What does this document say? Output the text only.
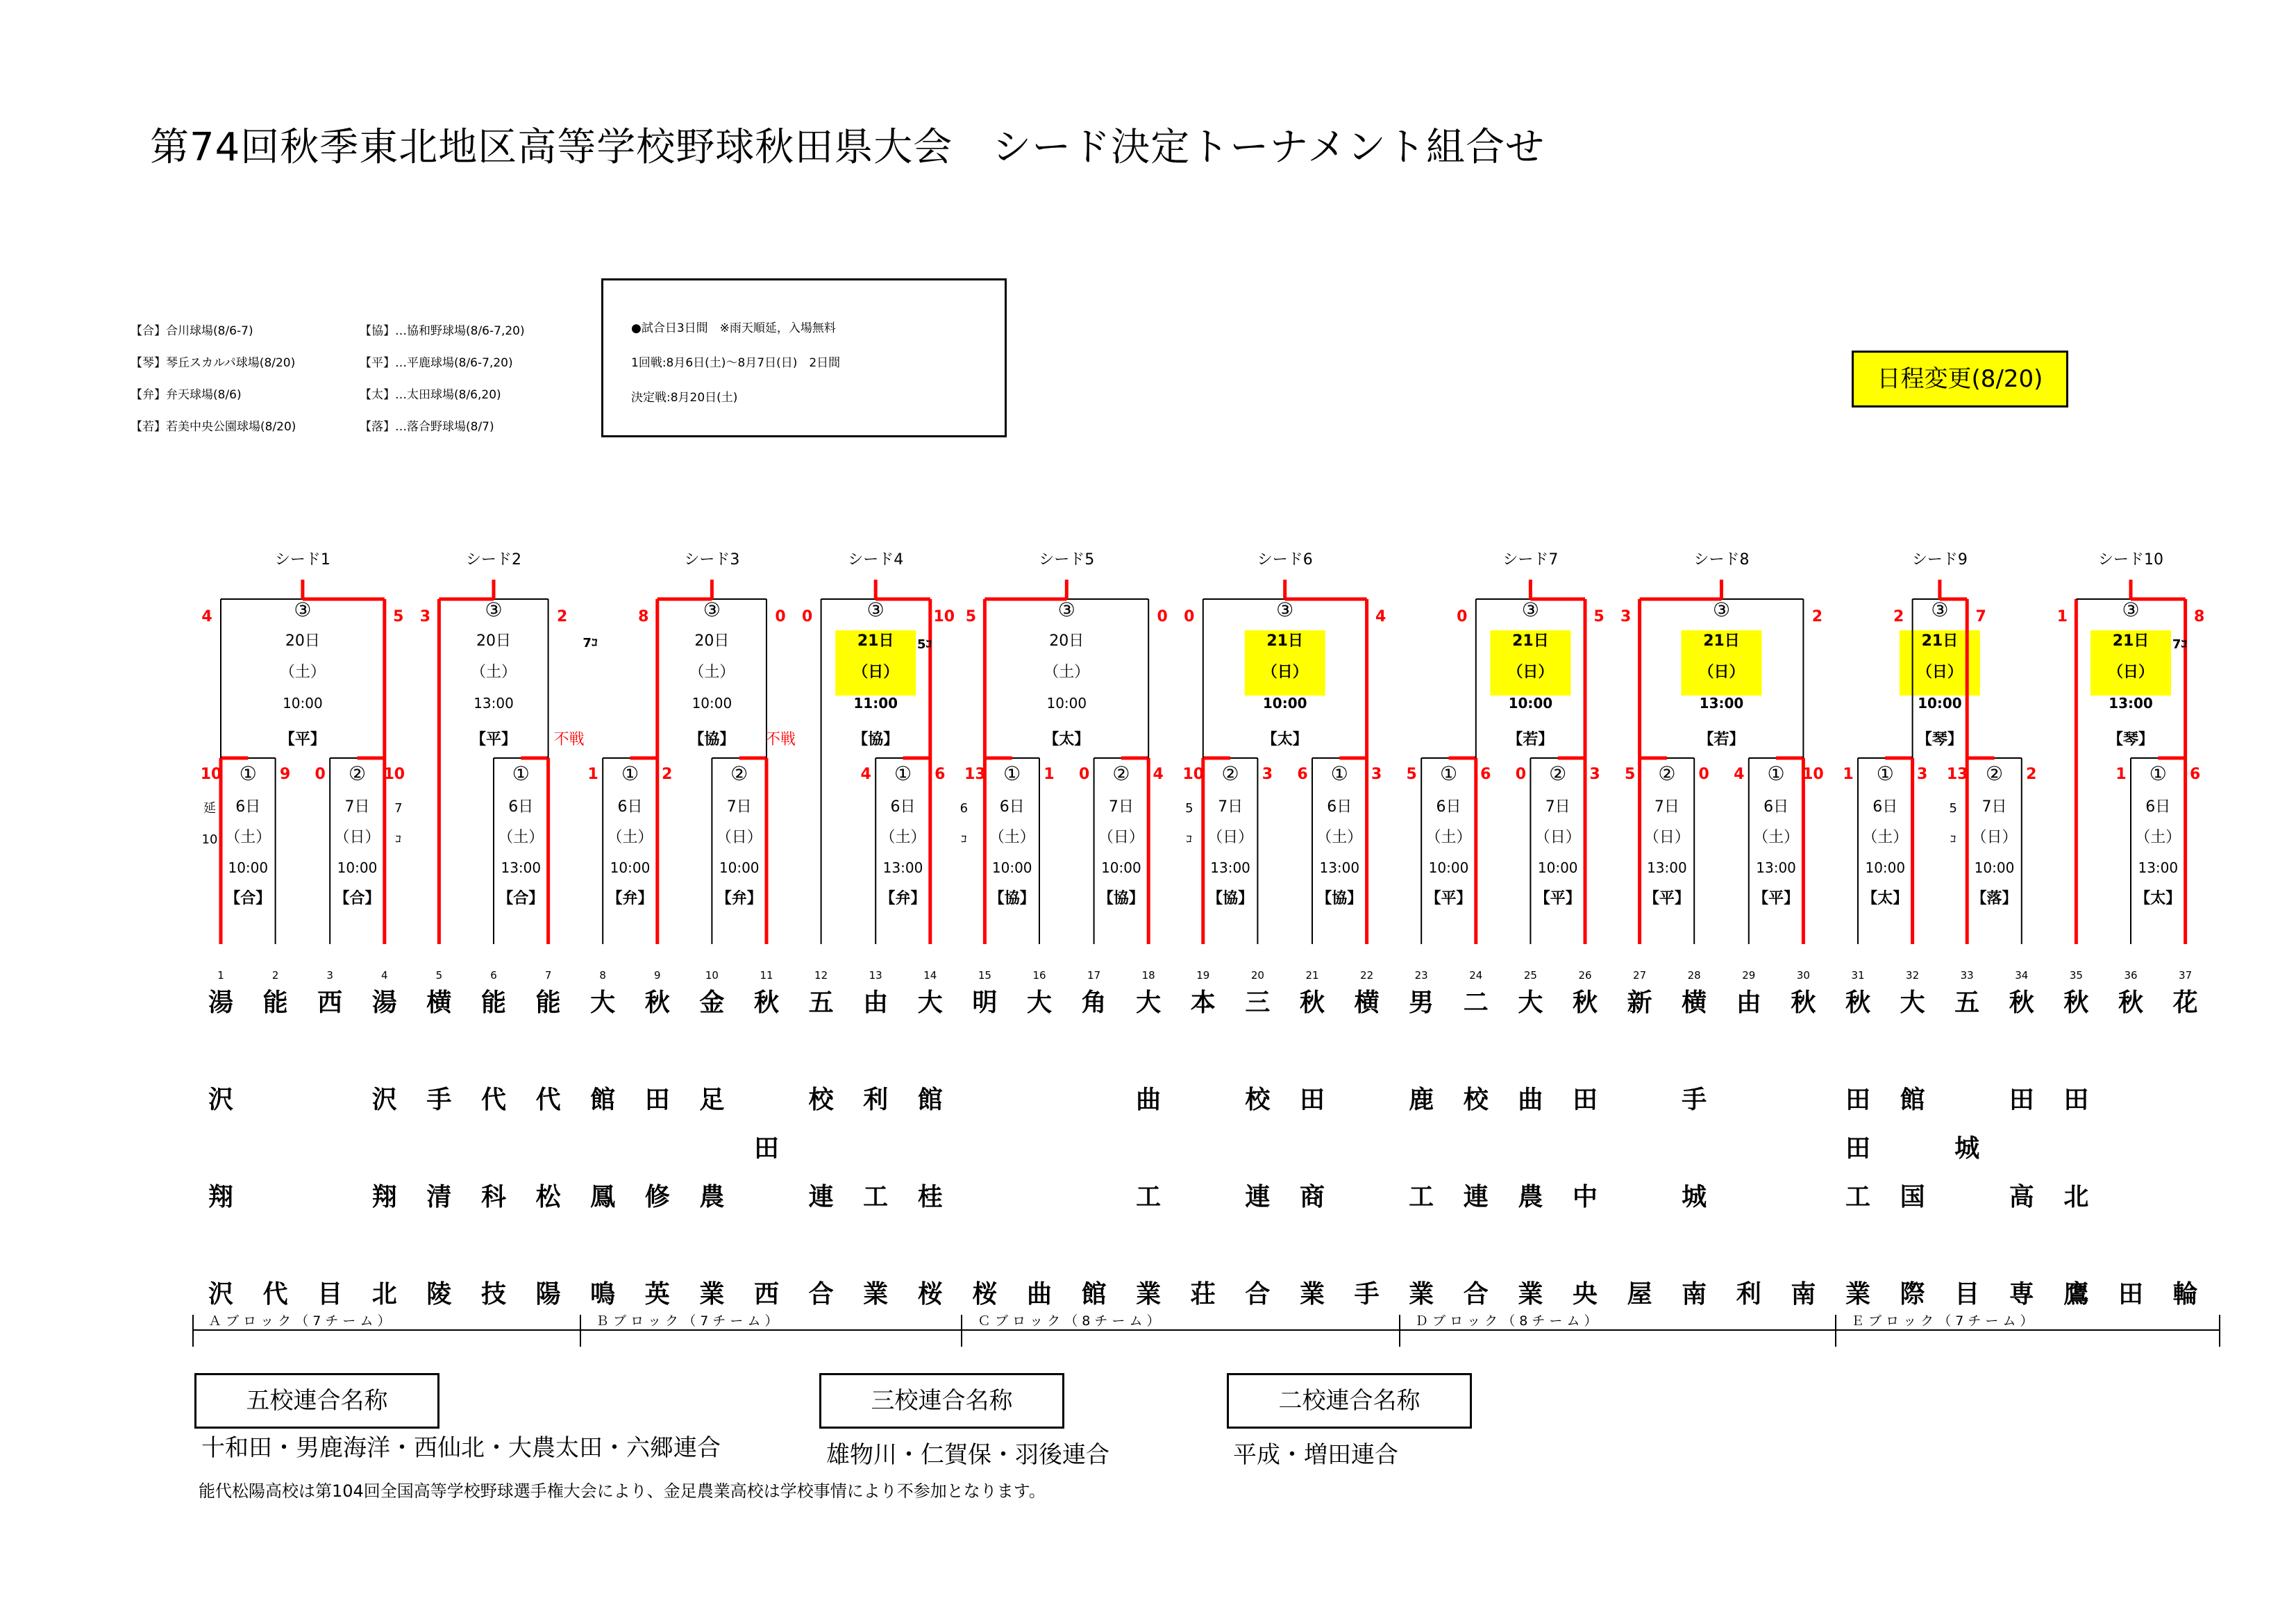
第74回秋季東北地区高等学校野球秋田県大会　シード決定トーナメント組合せ
【合】合川球場(8/6-7)
【琴】琴丘スカルパ球場(8/20)
【弁】弁天球場(8/6)
【若】若美中央公園球場(8/20)
【協】…協和野球場(8/6-7,20)
【平】…平鹿球場(8/6-7,20)
【太】…太田球場(8/6,20)
【落】…落合野球場(8/7)
●試合日3日間　※雨天順延，入場無料
1回戦:8月6日(土)～8月7日(日)　2日間
決定戦:8月20日(土)
日程変更(8/20)
1	2	3	4	5	6	7	8	9	10	11	12	13	14	15	16	17	18	19	20	21	22	23	24	25	26	27	28	29	30	31	32	33	34	35	36	37
①
6日
（土）
10:00
【合】
10	9	②
7日
（日）
10:00
【合】
0	10	①
6日
（土）
13:00
【合】
①
6日
（土）
10:00
【弁】
1	2	②
7日
（日）
10:00
【弁】
①
6日
（土）
13:00
【弁】
4	6	①
6日
（土）
10:00
【協】
13	1	②
7日
（日）
10:00
【協】
0	4	②
7日
（日）
13:00
【協】
10	3	①
6日
（土）
13:00
【協】
6	3	①
6日
（土）
10:00
【平】
5	6	②
7日
（日）
10:00
【平】
0	3	②
7日
（日）
13:00
【平】
5	0	①
6日
（土）
13:00
【平】
4	10	①
6日
（土）
10:00
【太】
1	3	②
7日
（日）
10:00
【落】
13	2	①
6日
（土）
13:00
【太】
1	6
シード1
③
20日
（土）
10:00
【平】
4	5
シード2
③
20日
（土）
13:00
【平】
3	2
シード3
③
20日
（土）
10:00
【協】
8	0
シード4
③
21日
（日）
11:00
【協】
0	10
シード5
③
20日
（土）
10:00
【太】
5	0
シード6
③
21日
（日）
10:00
【太】
0	4
シード7
③
21日
（日）
10:00
【若】
0	5
シード8
③
21日
（日）
13:00
【若】
3	2
シード9
③
21日
（日）
10:00
【琴】
2	7
シード10
③
21日
（日）
13:00
【琴】
1	8
不戦	不戦
7ｺ	5ｺ	7ｺ
延
10
7
ｺ
6
ｺ
5
ｺ
5
ｺ
湯
沢
翔
沢
能
代
西
目
湯
沢
翔
北
横
手
清
陵
能
代
科
技
能
代
松
陽
大
館
鳳
鳴
秋
田
修
英
金
足
農
業
秋
田
西
五
校
連
合
由
利
工
業
大
館
桂
桜
明
桜
大
曲
角
館
大
曲
工
業
本
荘
三
校
連
合
秋
田
商
業
横
手
男
鹿
工
業
二
校
連
合
大
曲
農
業
秋
田
中
央
新
屋
横
手
城
南
由
利
秋
南
秋
田
田
工
業
大
館
国
際
五
城
目
秋
田
高
専
秋
田
北
鷹
秋
田
花
輪
Ａ ブ ロ ッ ク （ 7 チ ー ム ）	Ｂ ブ ロ ッ ク （ 7 チ ー ム ）	Ｃ ブ ロ ッ ク （ 8 チ ー ム ）	Ｄ ブ ロ ッ ク （ 8 チ ー ム ）	Ｅ ブ ロ ッ ク （ 7 チ ー ム ）
五校連合名称
十和田・男鹿海洋・西仙北・大農太田・六郷連合
三校連合名称
雄物川・仁賀保・羽後連合
二校連合名称
平成・増田連合
能代松陽高校は第104回全国高等学校野球選手権大会により、金足農業高校は学校事情により不参加となります。
